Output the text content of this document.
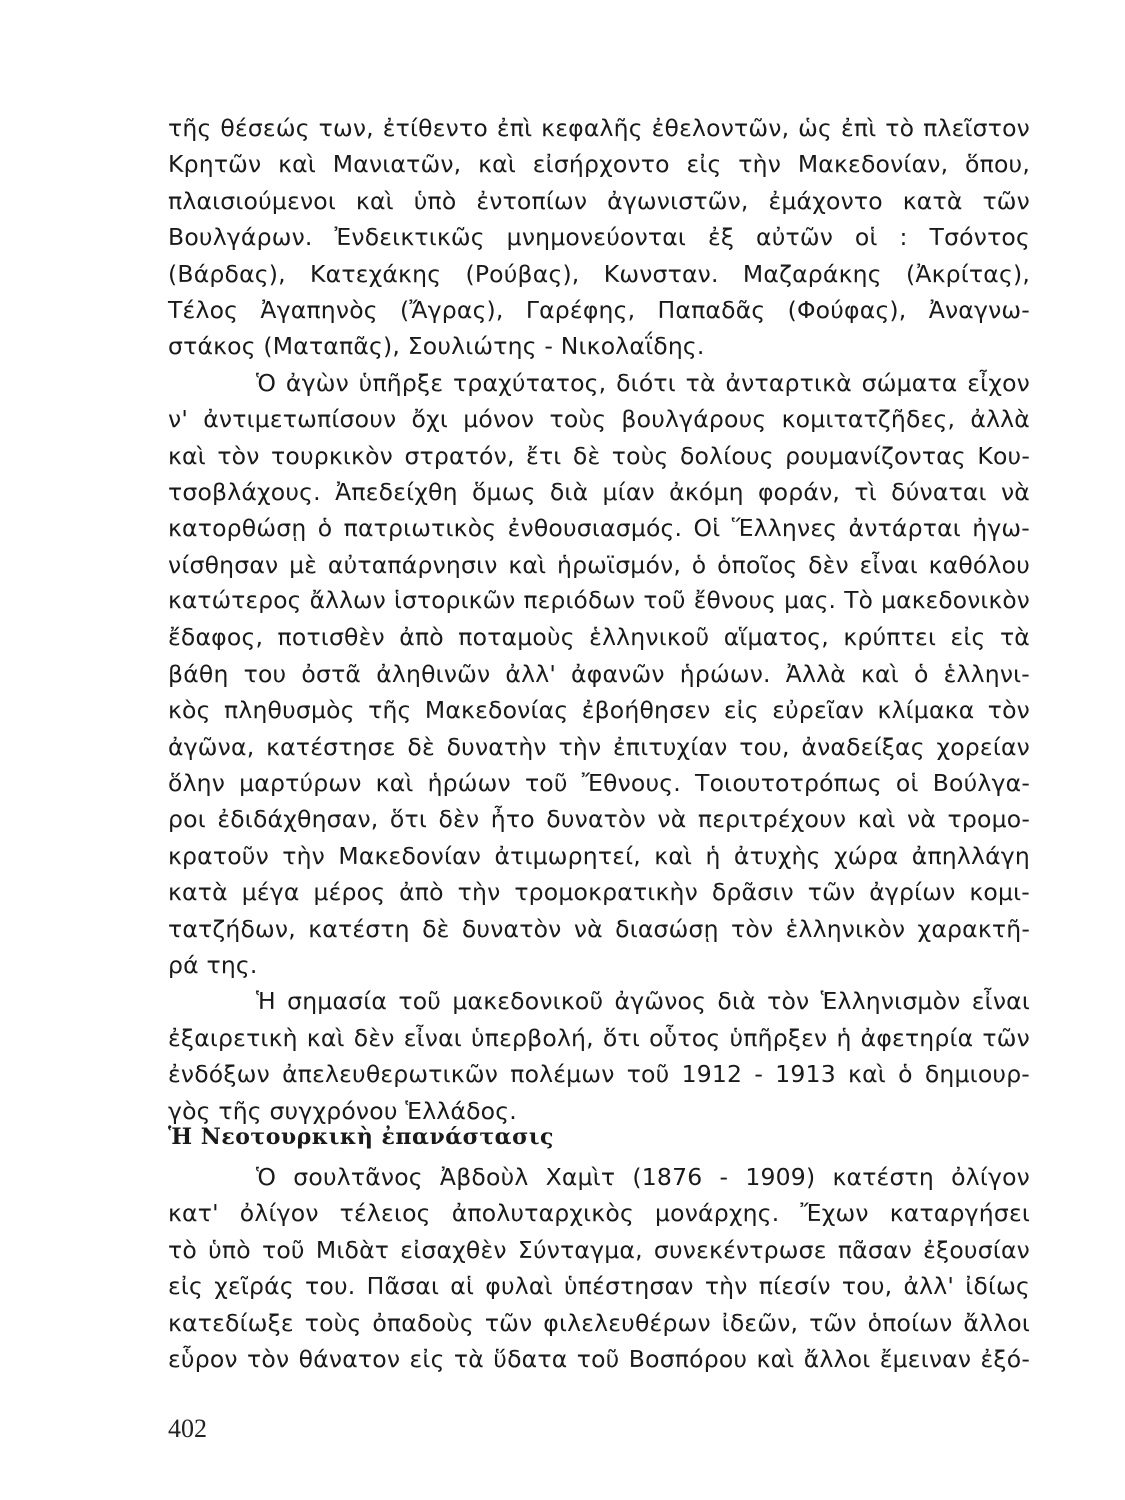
τῆς θέσεώς των, ἐτίθεντο ἐπὶ κεφαλῆς ἐθελοντῶν, ὡς ἐπὶ τὸ πλεῖστον
Κρητῶν καὶ Μανιατῶν, καὶ εἰσήρχοντο εἰς τὴν Μακεδονίαν, ὅπου,
πλαισιούμενοι καὶ ὑπὸ ἐντοπίων ἀγωνιστῶν, ἐμάχοντο κατὰ τῶν
Βουλγάρων. Ἐνδεικτικῶς μνημονεύονται ἐξ αὐτῶν οἱ : Τσόντος
(Βάρδας), Κατεχάκης (Ρούβας), Κωνσταν. Μαζαράκης (Ἀκρίτας),
Τέλος Ἀγαπηνὸς (Ἄγρας), Γαρέφης, Παπαδᾶς (Φούφας), Ἀναγνω-
στάκος (Ματαπᾶς), Σουλιώτης - Νικολαΐδης.
Ὁ ἀγὼν ὑπῆρξε τραχύτατος, διότι τὰ ἀνταρτικὰ σώματα εἶχον
ν' ἀντιμετωπίσουν ὄχι μόνον τοὺς βουλγάρους κομιτατζῆδες, ἀλλὰ
καὶ τὸν τουρκικὸν στρατόν, ἔτι δὲ τοὺς δολίους ρουμανίζοντας Κου-
τσοβλάχους. Ἀπεδείχθη ὅμως διὰ μίαν ἀκόμη φοράν, τὶ δύναται νὰ
κατορθώσῃ ὁ πατριωτικὸς ἐνθουσιασμός. Οἱ Ἕλληνες ἀντάρται ἠγω-
νίσθησαν μὲ αὐταπάρνησιν καὶ ἡρωϊσμόν, ὁ ὁποῖος δὲν εἶναι καθόλου
κατώτερος ἄλλων ἱστορικῶν περιόδων τοῦ ἔθνους μας. Τὸ μακεδονικὸν
ἔδαφος, ποτισθὲν ἀπὸ ποταμοὺς ἑλληνικοῦ αἵματος, κρύπτει εἰς τὰ
βάθη του ὀστᾶ ἀληθινῶν ἀλλ' ἀφανῶν ἡρώων. Ἀλλὰ καὶ ὁ ἑλληνι-
κὸς πληθυσμὸς τῆς Μακεδονίας ἐβοήθησεν εἰς εὐρεῖαν κλίμακα τὸν
ἀγῶνα, κατέστησε δὲ δυνατὴν τὴν ἐπιτυχίαν του, ἀναδείξας χορείαν
ὅλην μαρτύρων καὶ ἡρώων τοῦ Ἔθνους. Τοιουτοτρόπως οἱ Βούλγα-
ροι ἐδιδάχθησαν, ὅτι δὲν ἦτο δυνατὸν νὰ περιτρέχουν καὶ νὰ τρομο-
κρατοῦν τὴν Μακεδονίαν ἀτιμωρητεί, καὶ ἡ ἀτυχὴς χώρα ἀπηλλάγη
κατὰ μέγα μέρος ἀπὸ τὴν τρομοκρατικὴν δρᾶσιν τῶν ἀγρίων κομι-
τατζήδων, κατέστη δὲ δυνατὸν νὰ διασώσῃ τὸν ἑλληνικὸν χαρακτῆ-
ρά της.
Ἡ σημασία τοῦ μακεδονικοῦ ἀγῶνος διὰ τὸν Ἑλληνισμὸν εἶναι
ἐξαιρετικὴ καὶ δὲν εἶναι ὑπερβολή, ὅτι οὗτος ὑπῆρξεν ἡ ἀφετηρία τῶν
ἐνδόξων ἀπελευθερωτικῶν πολέμων τοῦ 1912 - 1913 καὶ ὁ δημιουρ-
γὸς τῆς συγχρόνου Ἑλλάδος.
Ἡ Νεοτουρκικὴ ἐπανάστασις
Ὁ σουλτᾶνος Ἀβδοὺλ Χαμὶτ (1876 - 1909) κατέστη ὀλίγον
κατ' ὀλίγον τέλειος ἀπολυταρχικὸς μονάρχης. Ἔχων καταργήσει
τὸ ὑπὸ τοῦ Μιδὰτ εἰσαχθὲν Σύνταγμα, συνεκέντρωσε πᾶσαν ἐξουσίαν
εἰς χεῖράς του. Πᾶσαι αἱ φυλαὶ ὑπέστησαν τὴν πίεσίν του, ἀλλ' ἰδίως
κατεδίωξε τοὺς ὀπαδοὺς τῶν φιλελευθέρων ἰδεῶν, τῶν ὁποίων ἄλλοι
εὗρον τὸν θάνατον εἰς τὰ ὕδατα τοῦ Βοσπόρου καὶ ἄλλοι ἔμειναν ἐξό-
402
